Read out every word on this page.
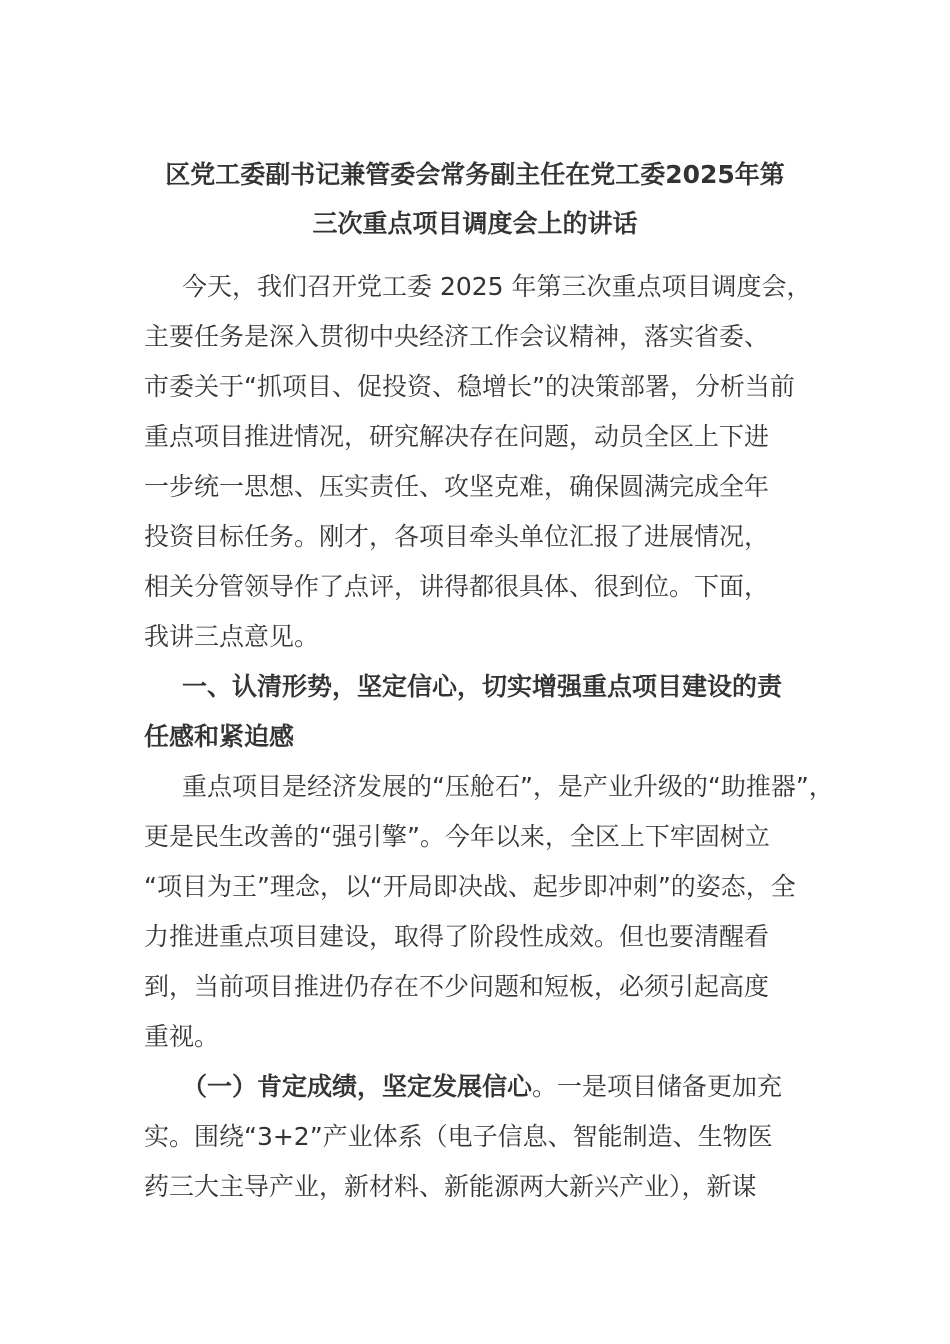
区党工委副书记兼管委会常务副主任在党工委2025年第
三次重点项目调度会上的讲话
今天，我们召开党工委 2025 年第三次重点项目调度会，
主要任务是深入贯彻中央经济工作会议精神，落实省委、
市委关于“抓项目、促投资、稳增长”的决策部署，分析当前
重点项目推进情况，研究解决存在问题，动员全区上下进
一步统一思想、压实责任、攻坚克难，确保圆满完成全年
投资目标任务。刚才，各项目牵头单位汇报了进展情况，
相关分管领导作了点评，讲得都很具体、很到位。下面，
我讲三点意见。
一、认清形势，坚定信心，切实增强重点项目建设的责
任感和紧迫感
重点项目是经济发展的“压舱石”，是产业升级的“助推器”，
更是民生改善的“强引擎”。今年以来，全区上下牢固树立
“项目为王”理念，以“开局即决战、起步即冲刺”的姿态，全
力推进重点项目建设，取得了阶段性成效。但也要清醒看
到，当前项目推进仍存在不少问题和短板，必须引起高度
重视。
（一）肯定成绩，坚定发展信心。一是项目储备更加充
实。围绕“3+2”产业体系（电子信息、智能制造、生物医
药三大主导产业，新材料、新能源两大新兴产业），新谋
